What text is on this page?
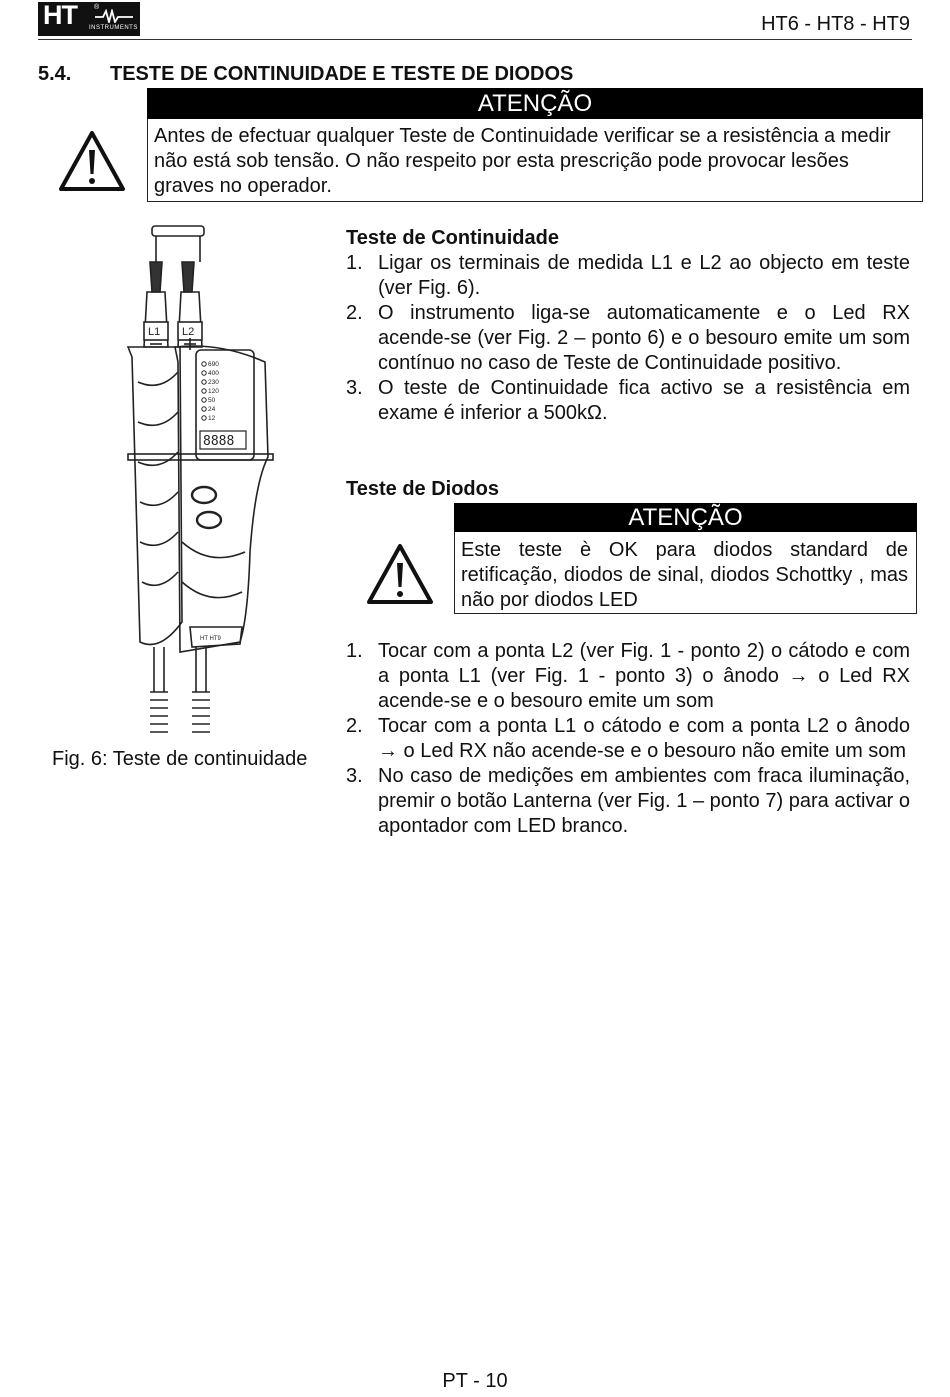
HT ®
INSTRUMENTS	HT6 - HT8 - HT9
5.4. TESTE DE CONTINUIDADE E TESTE DE DIODOS
ATENÇÃO
Antes de efectuar qualquer Teste de Continuidade verificar se a resistência a medir não está sob tensão. O não respeito por esta prescrição pode provocar lesões graves no operador.
L1 L2
690
400
230
120
50
24
12
8888
HT HT9
Fig. 6: Teste de continuidade
Teste de Continuidade
1. Ligar os terminais de medida L1 e L2 ao objecto em teste (ver Fig. 6).
2. O instrumento liga-se automaticamente e o Led RX acende-se (ver Fig. 2 – ponto 6) e o besouro emite um som contínuo no caso de Teste de Continuidade positivo.
3. O teste de Continuidade fica activo se a resistência em exame é inferior a 500kΩ.
Teste de Diodos
ATENÇÃO
Este teste è OK para diodos standard de retificação, diodos de sinal, diodos Schottky , mas não por diodos LED
1. Tocar com a ponta L2 (ver Fig. 1 - ponto 2) o cátodo e com a ponta L1 (ver Fig. 1 - ponto 3) o ânodo → o Led RX acende-se e o besouro emite um som
2. Tocar com a ponta L1 o cátodo e com a ponta L2 o ânodo → o Led RX não acende-se e o besouro não emite um som
3. No caso de medições em ambientes com fraca iluminação, premir o botão Lanterna (ver Fig. 1 – ponto 7) para activar o apontador com LED branco.
PT - 10
